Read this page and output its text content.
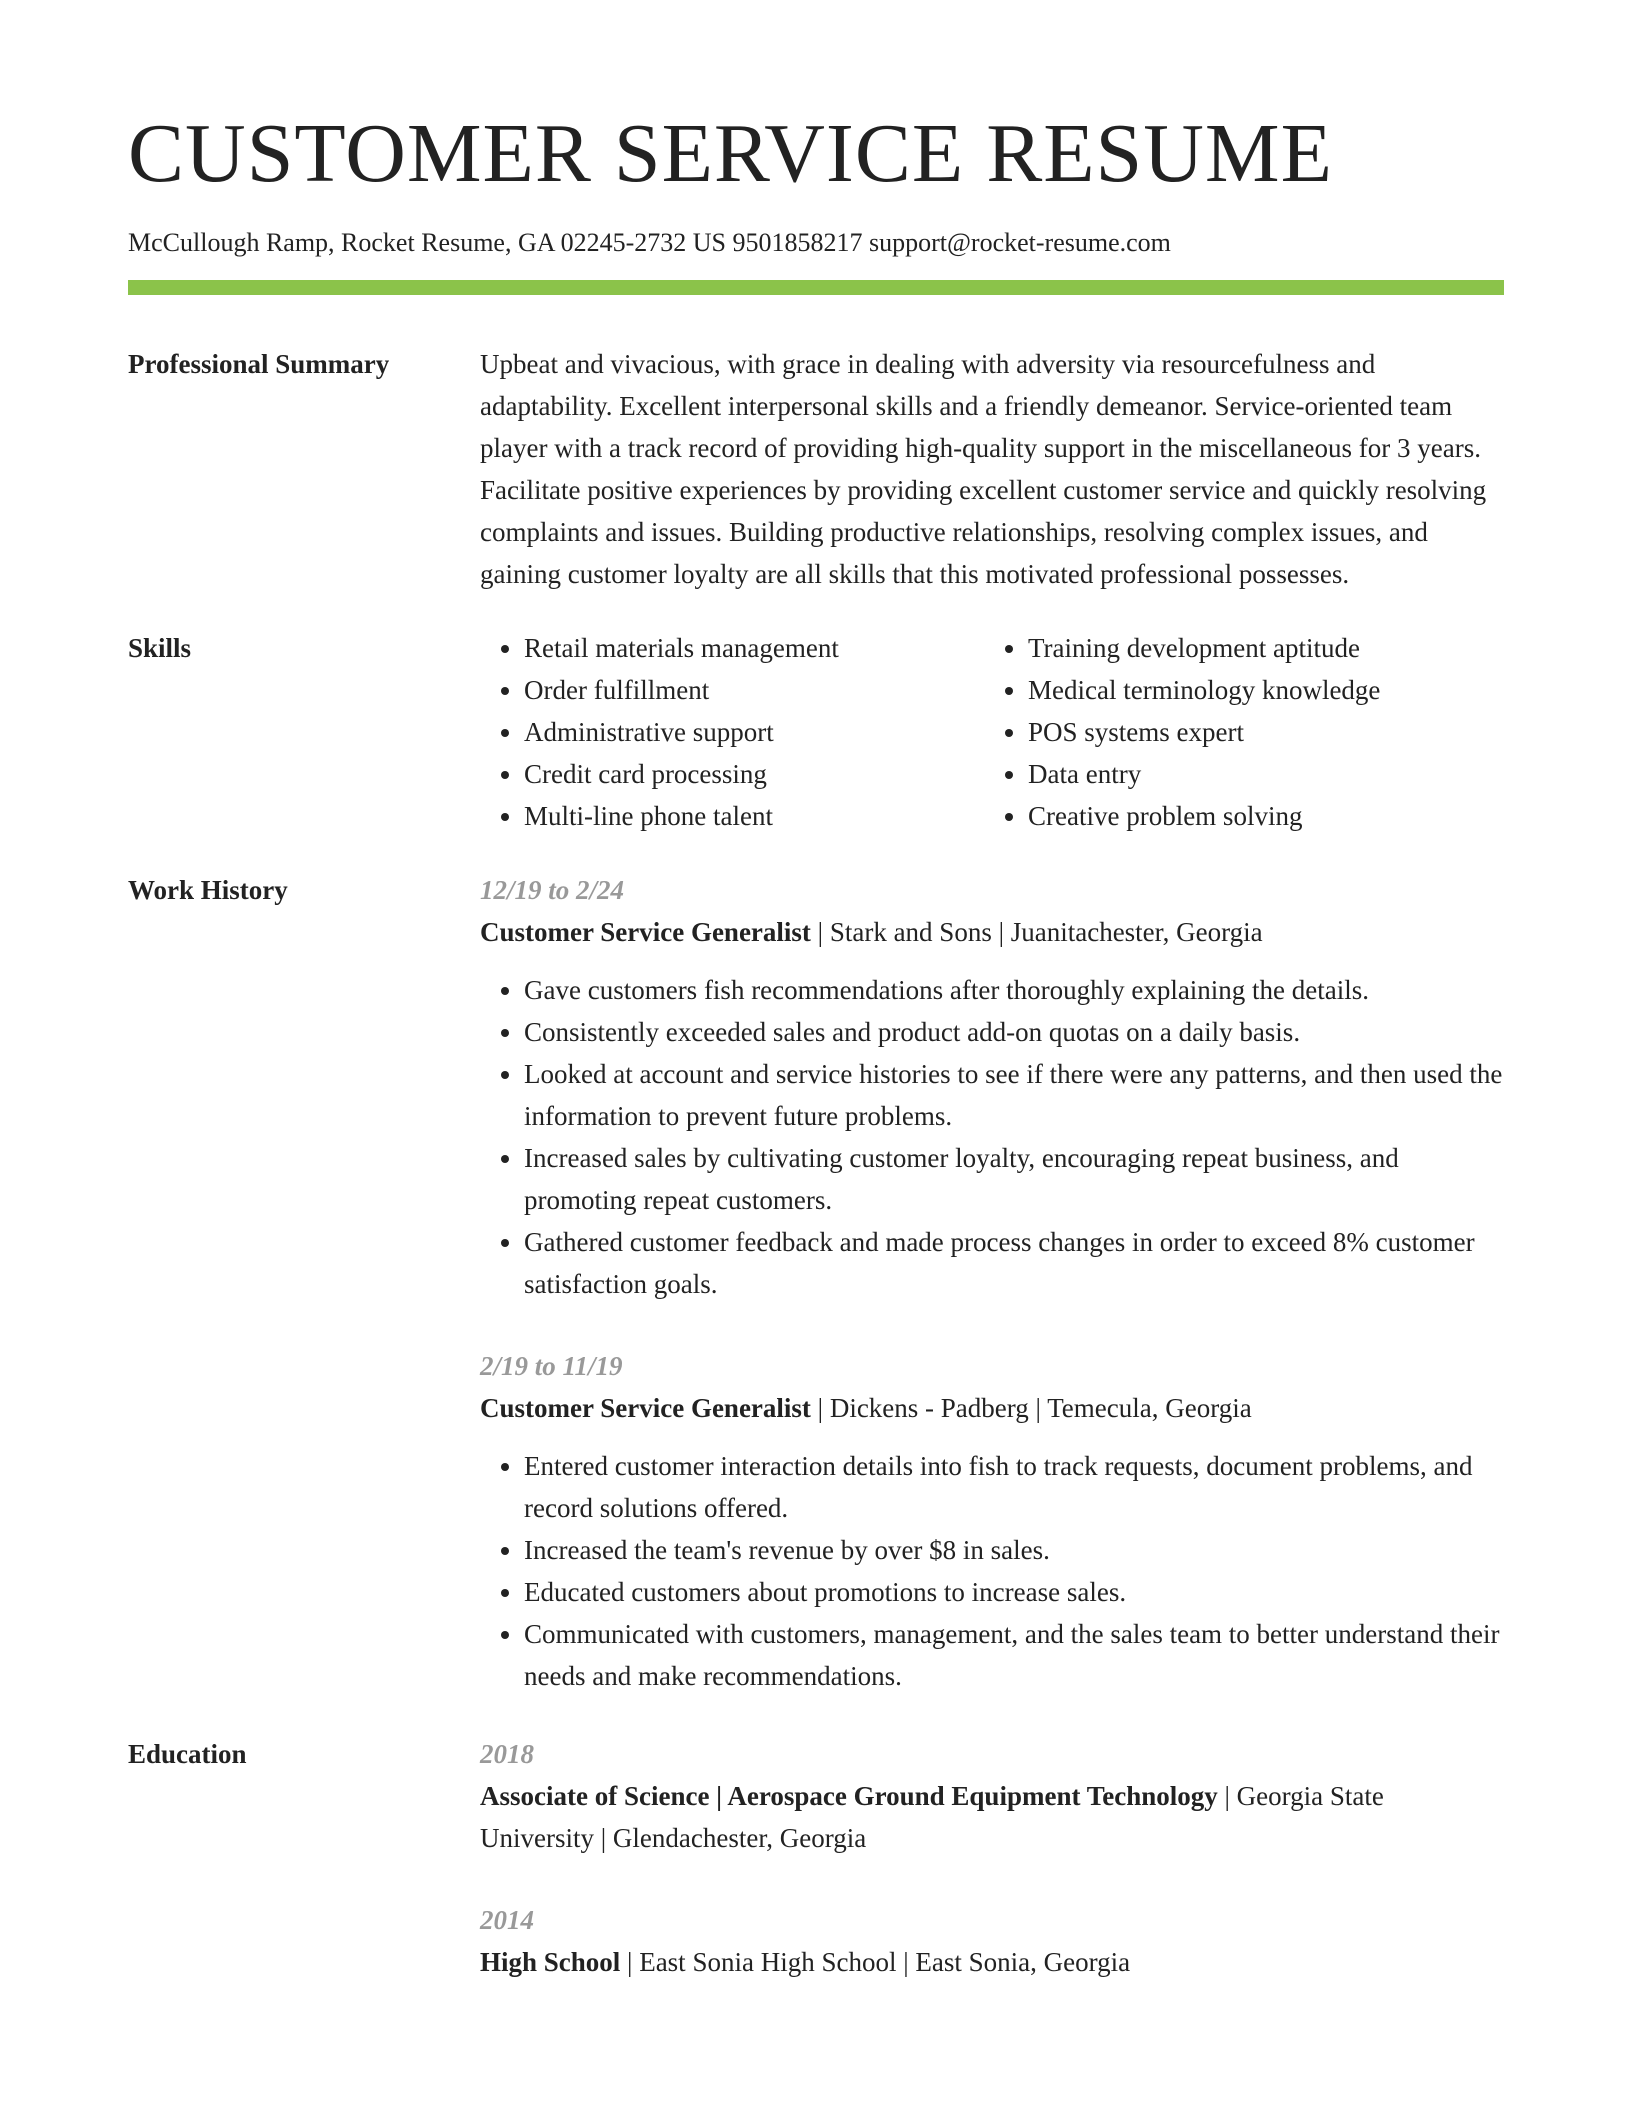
CUSTOMER SERVICE RESUME
McCullough Ramp, Rocket Resume, GA 02245-2732 US 9501858217 support@rocket-resume.com
Professional Summary	Upbeat and vivacious, with grace in dealing with adversity via resourcefulness and adaptability. Excellent interpersonal skills and a friendly demeanor. Service-oriented team player with a track record of providing high-quality support in the miscellaneous for 3 years. Facilitate positive experiences by providing excellent customer service and quickly resolving complaints and issues. Building productive relationships, resolving complex issues, and gaining customer loyalty are all skills that this motivated professional possesses.
Skills
•	Retail materials management
• Order fulfillment
• Administrative support
• Credit card processing
• Multi-line phone talent
• Training development aptitude
• Medical terminology knowledge
• POS systems expert
• Data entry
• Creative problem solving
Work History	12/19 to 2/24
Customer Service Generalist | Stark and Sons | Juanitachester, Georgia
• Gave customers fish recommendations after thoroughly explaining the details.
• Consistently exceeded sales and product add-on quotas on a daily basis.
• Looked at account and service histories to see if there were any patterns, and then used the information to prevent future problems.
• Increased sales by cultivating customer loyalty, encouraging repeat business, and promoting repeat customers.
• Gathered customer feedback and made process changes in order to exceed 8% customer satisfaction goals.
2/19 to 11/19
Customer Service Generalist | Dickens - Padberg | Temecula, Georgia
• Entered customer interaction details into fish to track requests, document problems, and record solutions offered.
• Increased the team's revenue by over $8 in sales.
• Educated customers about promotions to increase sales.
• Communicated with customers, management, and the sales team to better understand their needs and make recommendations.
Education	2018
Associate of Science | Aerospace Ground Equipment Technology | Georgia State University | Glendachester, Georgia
2014
High School | East Sonia High School | East Sonia, Georgia
